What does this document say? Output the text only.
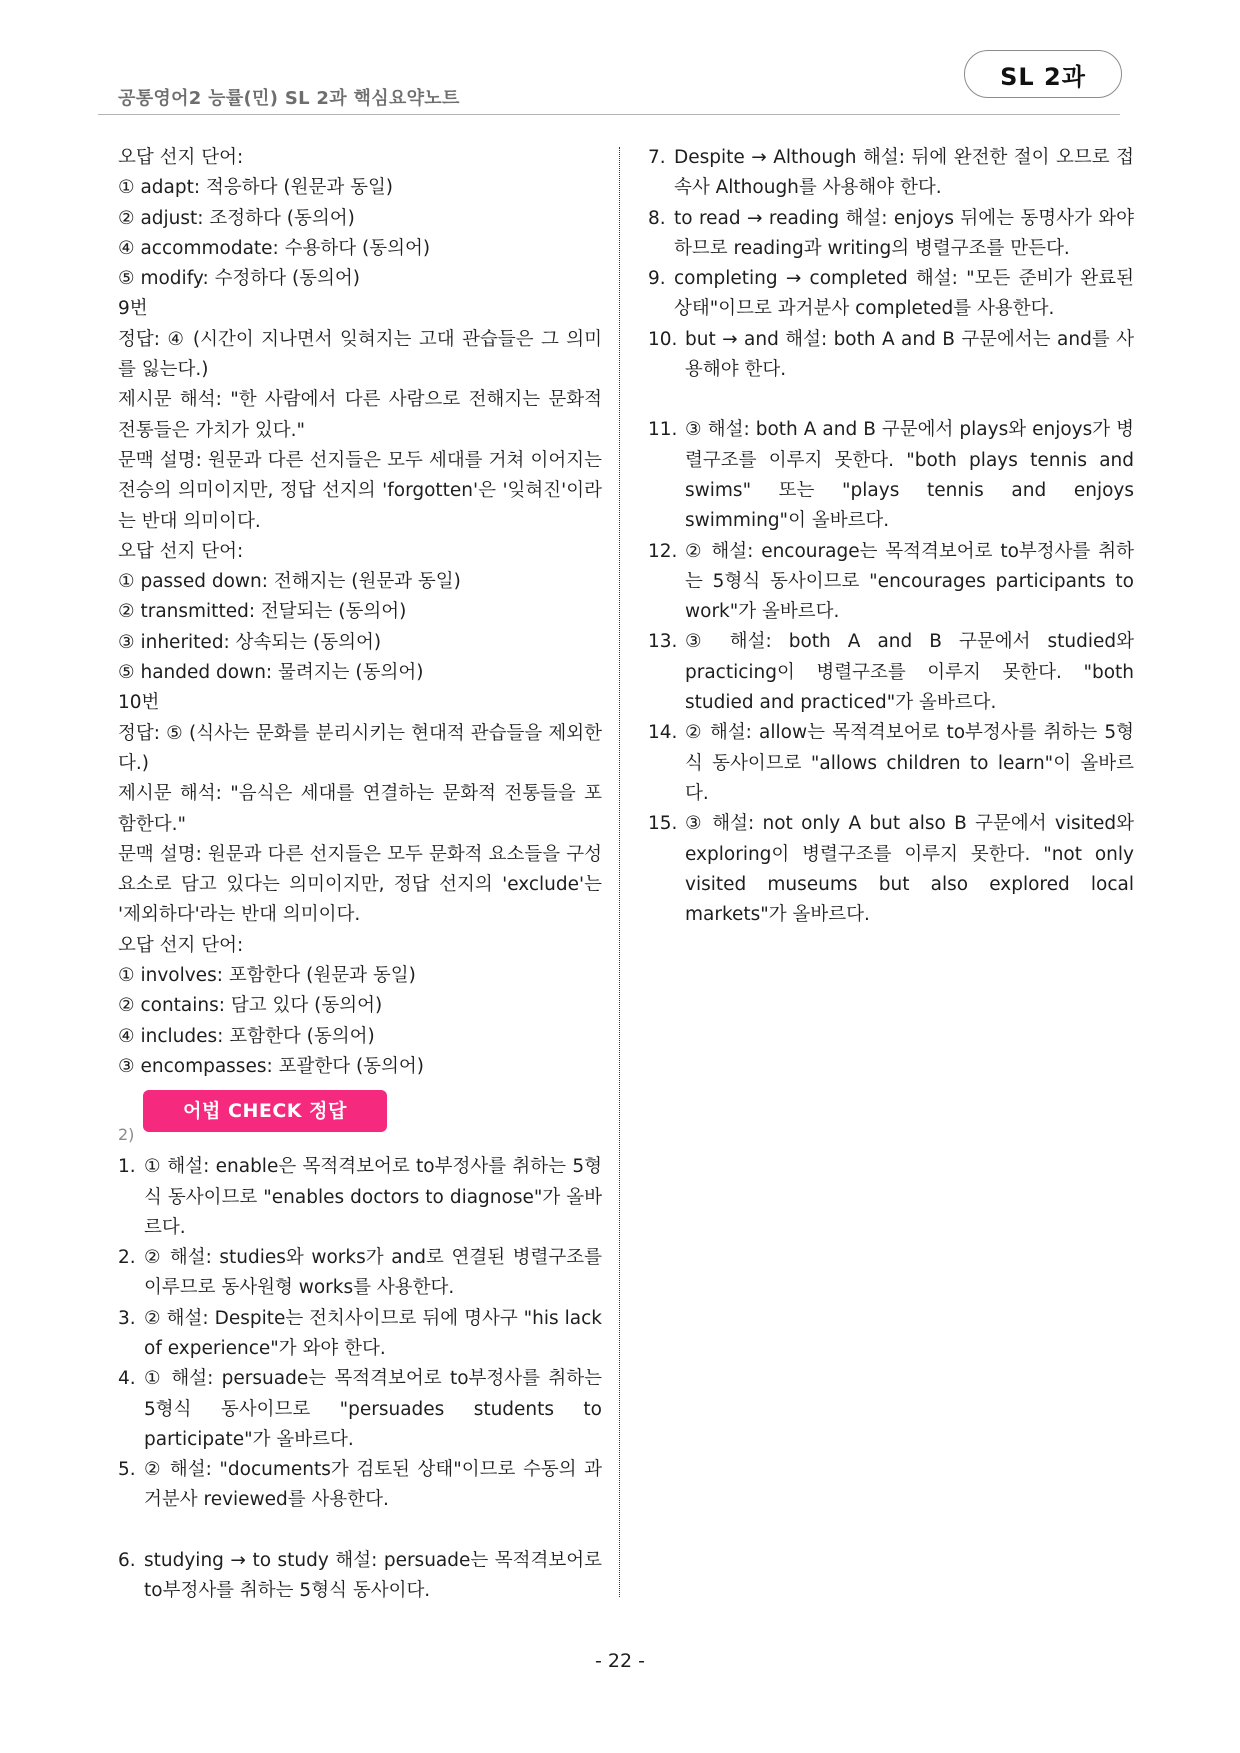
공통영어2 능률(민) SL 2과 핵심요약노트
SL 2과
오답 선지 단어:
① adapt: 적응하다 (원문과 동일)
② adjust: 조정하다 (동의어)
④ accommodate: 수용하다 (동의어)
⑤ modify: 수정하다 (동의어)
9번
정답: ④ (시간이 지나면서 잊혀지는 고대 관습들은 그 의미를 잃는다.)
제시문 해석: "한 사람에서 다른 사람으로 전해지는 문화적 전통들은 가치가 있다."
문맥 설명: 원문과 다른 선지들은 모두 세대를 거쳐 이어지는 전승의 의미이지만, 정답 선지의 'forgotten'은 '잊혀진'이라는 반대 의미이다.
오답 선지 단어:
① passed down: 전해지는 (원문과 동일)
② transmitted: 전달되는 (동의어)
③ inherited: 상속되는 (동의어)
⑤ handed down: 물려지는 (동의어)
10번
정답: ⑤ (식사는 문화를 분리시키는 현대적 관습들을 제외한다.)
제시문 해석: "음식은 세대를 연결하는 문화적 전통들을 포함한다."
문맥 설명: 원문과 다른 선지들은 모두 문화적 요소들을 구성 요소로 담고 있다는 의미이지만, 정답 선지의 'exclude'는 '제외하다'라는 반대 의미이다.
오답 선지 단어:
① involves: 포함한다 (원문과 동일)
② contains: 담고 있다 (동의어)
④ includes: 포함한다 (동의어)
③ encompasses: 포괄한다 (동의어)
2)
어법 CHECK 정답
1. ① 해설: enable은 목적격보어로 to부정사를 취하는 5형식 동사이므로 "enables doctors to diagnose"가 올바르다.
2. ② 해설: studies와 works가 and로 연결된 병렬구조를 이루므로 동사원형 works를 사용한다.
3. ② 해설: Despite는 전치사이므로 뒤에 명사구 "his lack of experience"가 와야 한다.
4. ① 해설: persuade는 목적격보어로 to부정사를 취하는 5형식 동사이므로 "persuades students to participate"가 올바르다.
5. ② 해설: "documents가 검토된 상태"이므로 수동의 과거분사 reviewed를 사용한다.
6. studying → to study 해설: persuade는 목적격보어로 to부정사를 취하는 5형식 동사이다.
7. Despite → Although 해설: 뒤에 완전한 절이 오므로 접속사 Although를 사용해야 한다.
8. to read → reading 해설: enjoys 뒤에는 동명사가 와야 하므로 reading과 writing의 병렬구조를 만든다.
9. completing → completed 해설: "모든 준비가 완료된 상태"이므로 과거분사 completed를 사용한다.
10. but → and 해설: both A and B 구문에서는 and를 사용해야 한다.
11. ③ 해설: both A and B 구문에서 plays와 enjoys가 병렬구조를 이루지 못한다. "both plays tennis and swims" 또는 "plays tennis and enjoys swimming"이 올바르다.
12. ② 해설: encourage는 목적격보어로 to부정사를 취하는 5형식 동사이므로 "encourages participants to work"가 올바르다.
13. ③ 해설: both A and B 구문에서 studied와 practicing이 병렬구조를 이루지 못한다. "both studied and practiced"가 올바르다.
14. ② 해설: allow는 목적격보어로 to부정사를 취하는 5형식 동사이므로 "allows children to learn"이 올바르다.
15. ③ 해설: not only A but also B 구문에서 visited와 exploring이 병렬구조를 이루지 못한다. "not only visited museums but also explored local markets"가 올바르다.
- 22 -
